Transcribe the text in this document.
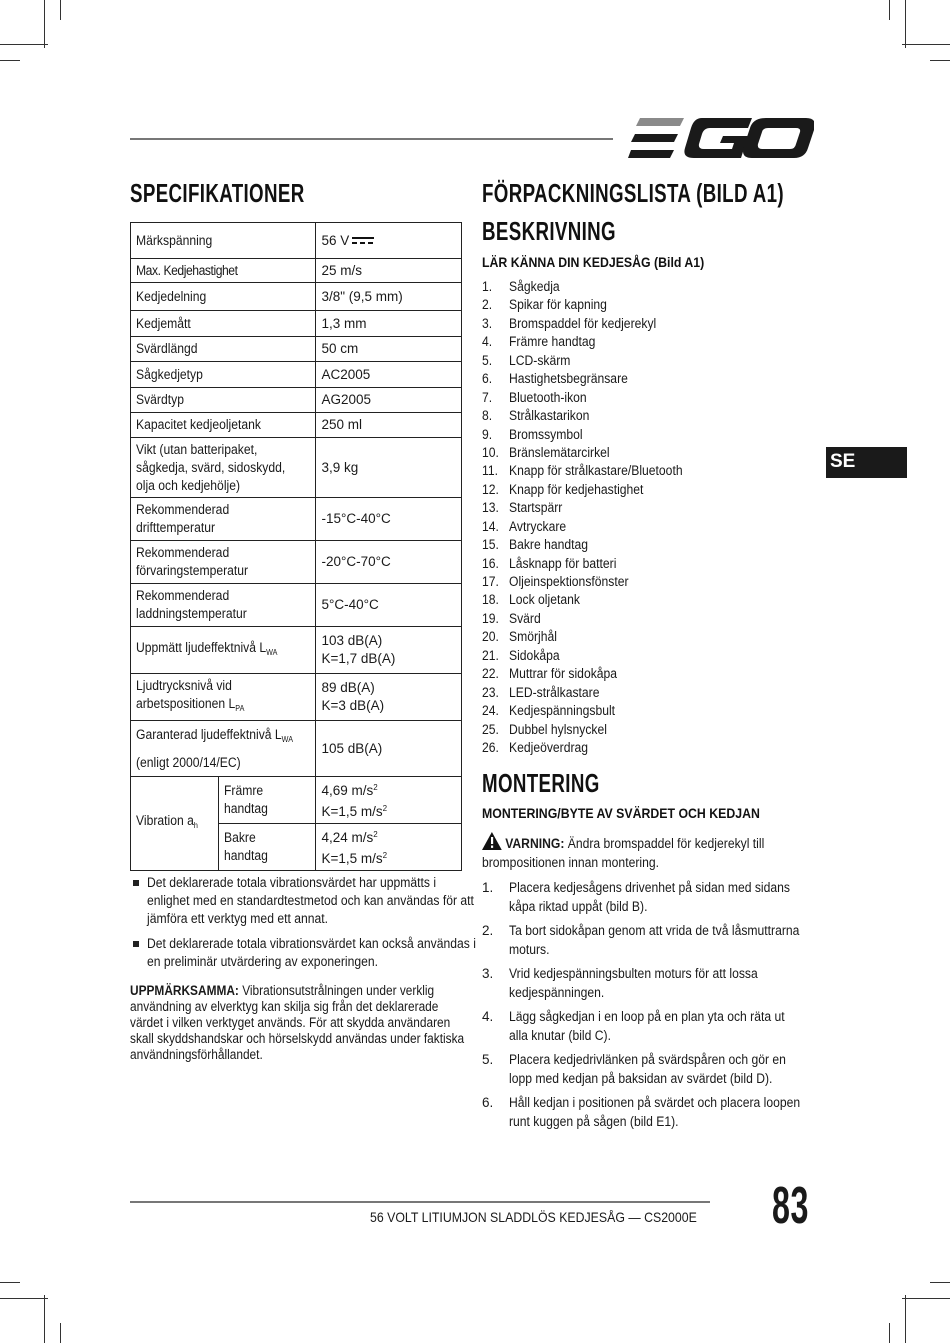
SPECIFIKATIONER
Märkspänning		56 V

Max. Kedjehastighet		25 m/s
Kedjedelning		3/8" (9,5 mm)
Kedjemått		1,3 mm
Svärdlängd		50 cm
Sågkedjetyp		AC2005
Svärdtyp		AG2005
Kapacitet kedjeoljetank		250 ml
Vikt (utan batteripaket,
sågkedja, svärd, sidoskydd,
olja och kedjehölje)		3,9 kg
Rekommenderad
drifttemperatur		-15°C-40°C
Rekommenderad
förvaringstemperatur		-20°C-70°C
Rekommenderad
laddningstemperatur		5°C-40°C
Uppmätt ljudeffektnivå $L_{WA}$		103 dB(A)
K=1,7 dB(A)
Ljudtrycksnivå vid
arbetspositionen $L_{PA}$		89 dB(A)
K=3 dB(A)
Garanterad ljudeffektnivå $L_{WA}$
(enligt 2000/14/EC)		105 dB(A)
Vibration $a_h$	Främre
handtag	4,69 $m/s^2$
K=1,5 $m/s^2$
	Bakre
handtag	4,24 $m/s^2$
K=1,5 $m/s^2$
Det deklarerade totala vibrationsvärdet har uppmätts i enlighet med en standardtestmetod och kan användas för att jämföra ett verktyg med ett annat.
Det deklarerade totala vibrationsvärdet kan också användas i en preliminär utvärdering av exponeringen.
UPPMÄRKSAMMA: Vibrationsutstrålningen under verklig användning av elverktyg kan skilja sig från det deklarerade värdet i vilken verktyget används. För att skydda användaren skall skyddshandskar och hörselskydd användas under faktiska användningsförhållandet.
FÖRPACKNINGSLISTA (BILD A1)
BESKRIVNING
LÄR KÄNNA DIN KEDJESÅG (Bild A1)
1. Sågkedja
2. Spikar för kapning
3. Bromspaddel för kedjerekyl
4. Främre handtag
5. LCD-skärm
6. Hastighetsbegränsare
7. Bluetooth-ikon
8. Strålkastarikon
9. Bromssymbol
10. Bränslemätarcirkel
11. Knapp för strålkastare/Bluetooth
12. Knapp för kedjehastighet
13. Startspärr
14. Avtryckare
15. Bakre handtag
16. Låsknapp för batteri
17. Oljeinspektionsfönster
18. Lock oljetank
19. Svärd
20. Smörjhål
21. Sidokåpa
22. Muttrar för sidokåpa
23. LED-strålkastare
24. Kedjespänningsbult
25. Dubbel hylsnyckel
26. Kedjeöverdrag
MONTERING
MONTERING/BYTE AV SVÄRDET OCH KEDJAN
VARNING: Ändra bromspaddel för kedjerekyl till brompositionen innan montering.
1. Placera kedjesågens drivenhet på sidan med sidans kåpa riktad uppåt (bild B).
2. Ta bort sidokåpan genom att vrida de två låsmuttrarna moturs.
3. Vrid kedjespänningsbulten moturs för att lossa kedjespänningen.
4. Lägg sågkedjan i en loop på en plan yta och räta ut alla knutar (bild C).
5. Placera kedjedrivlänken på svärdspåren och gör en lopp med kedjan på baksidan av svärdet (bild D).
6. Håll kedjan i positionen på svärdet och placera loopen runt kuggen på sågen (bild E1).
SE
56 VOLT LITIUMJON SLADDLÖS KEDJESÅG — CS2000E 83
